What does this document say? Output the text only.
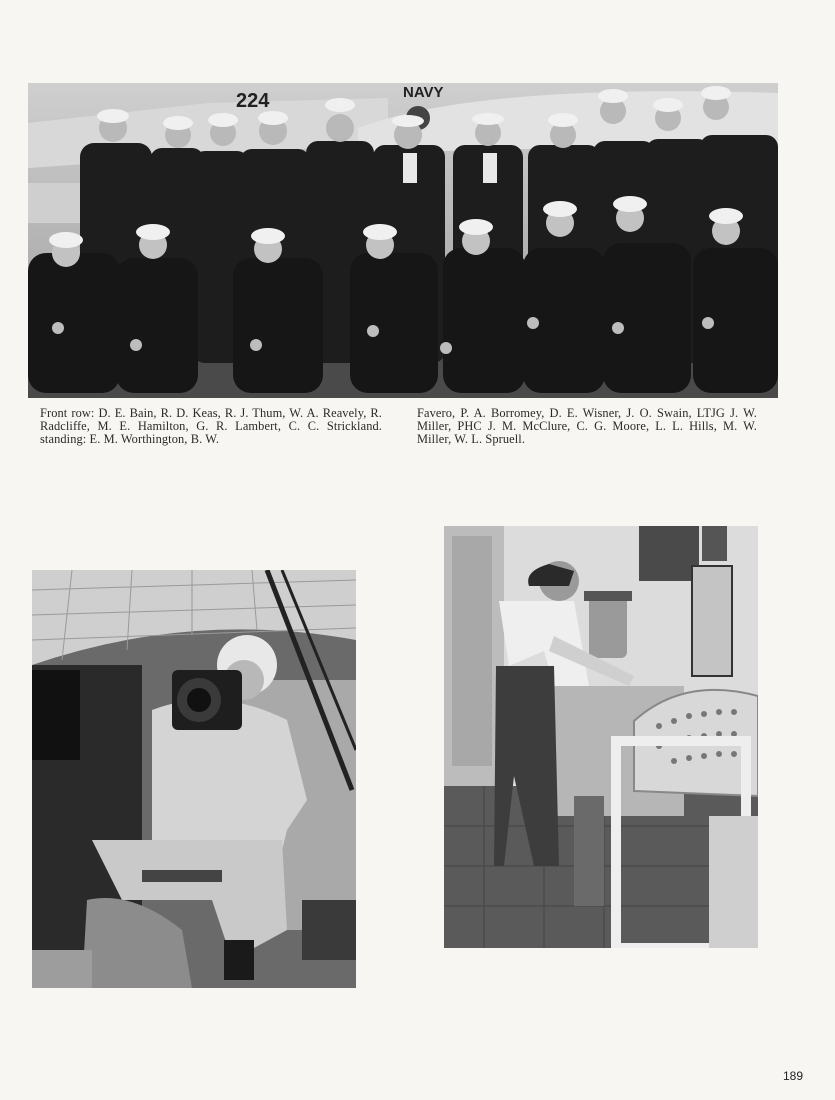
224	NAVY
Front row: D. E. Bain, R. D. Keas, R. J. Thum, W. A. Reavely, R. Radcliffe, M. E. Hamilton, G. R. Lambert, C. C. Strickland. standing: E. M. Worthington, B. W.
Favero, P. A. Borromey, D. E. Wisner, J. O. Swain, LTJG J. W. Miller, PHC J. M. McClure, C. G. Moore, L. L. Hills, M. W. Miller, W. L. Spruell.
189
